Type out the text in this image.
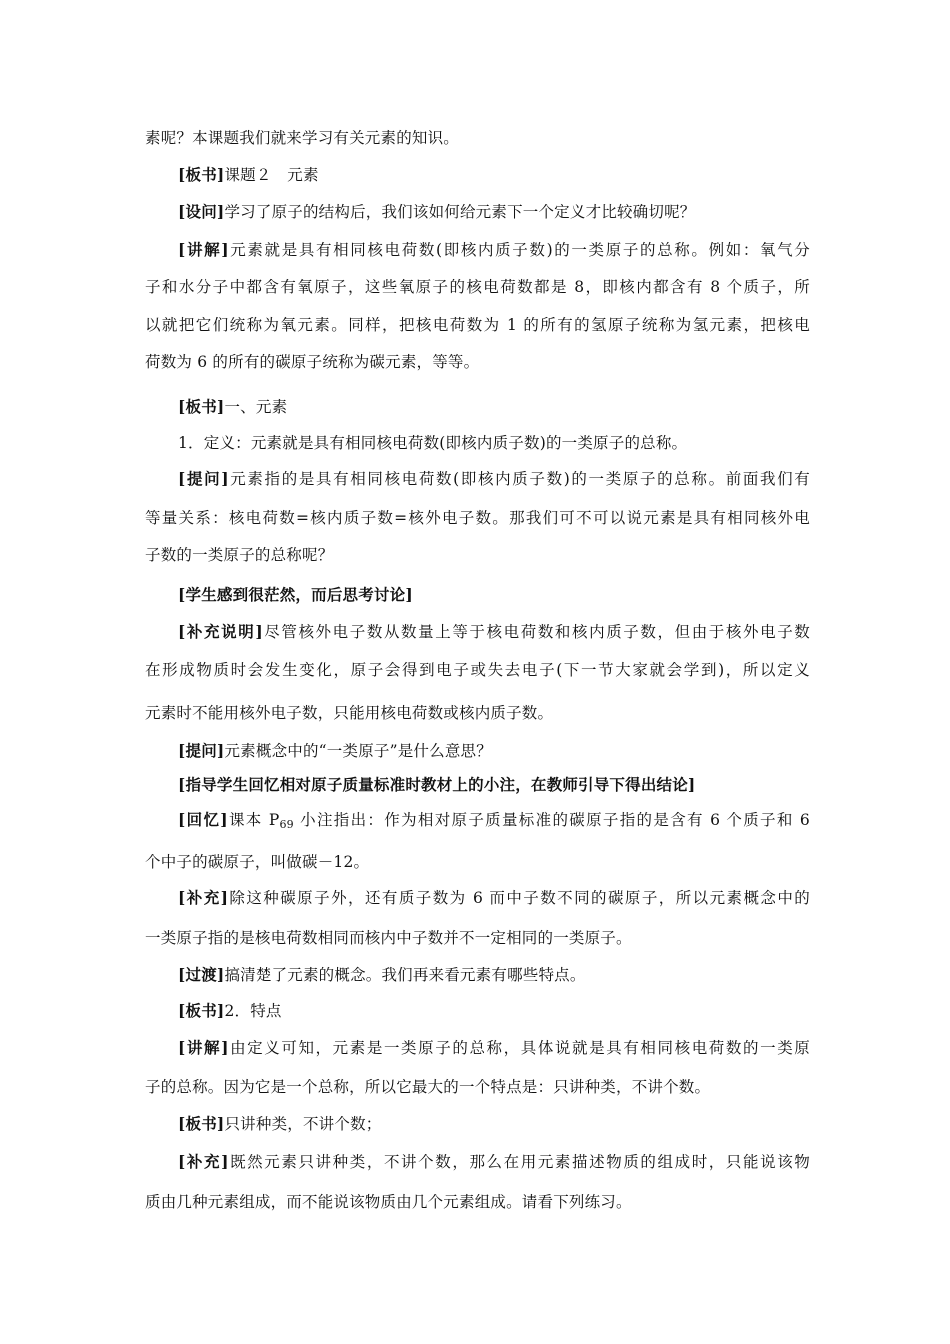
素呢？本课题我们就来学习有关元素的知识。
[板书]课题２　元素
[设问]学习了原子的结构后，我们该如何给元素下一个定义才比较确切呢？
[讲解]元素就是具有相同核电荷数(即核内质子数)的一类原子的总称。例如：氧气分
子和水分子中都含有氧原子，这些氧原子的核电荷数都是 8，即核内都含有 8 个质子，所
以就把它们统称为氧元素。同样，把核电荷数为 1 的所有的氢原子统称为氢元素，把核电
荷数为 6 的所有的碳原子统称为碳元素，等等。
[板书]一、元素
1．定义：元素就是具有相同核电荷数(即核内质子数)的一类原子的总称。
[提问]元素指的是具有相同核电荷数(即核内质子数)的一类原子的总称。前面我们有
等量关系：核电荷数=核内质子数=核外电子数。那我们可不可以说元素是具有相同核外电
子数的一类原子的总称呢？
[学生感到很茫然，而后思考讨论]
[补充说明]尽管核外电子数从数量上等于核电荷数和核内质子数，但由于核外电子数
在形成物质时会发生变化，原子会得到电子或失去电子(下一节大家就会学到)，所以定义
元素时不能用核外电子数，只能用核电荷数或核内质子数。
[提问]元素概念中的“一类原子”是什么意思？
[指导学生回忆相对原子质量标准时教材上的小注，在教师引导下得出结论]
[回忆]课本 $P_{69}$ 小注指出：作为相对原子质量标准的碳原子指的是含有 6 个质子和 6
个中子的碳原子，叫做碳－12。
[补充]除这种碳原子外，还有质子数为 6 而中子数不同的碳原子，所以元素概念中的
一类原子指的是核电荷数相同而核内中子数并不一定相同的一类原子。
[过渡]搞清楚了元素的概念。我们再来看元素有哪些特点。
[板书]2．特点
[讲解]由定义可知，元素是一类原子的总称，具体说就是具有相同核电荷数的一类原
子的总称。因为它是一个总称，所以它最大的一个特点是：只讲种类，不讲个数。
[板书]只讲种类，不讲个数；
[补充]既然元素只讲种类，不讲个数，那么在用元素描述物质的组成时，只能说该物
质由几种元素组成，而不能说该物质由几个元素组成。请看下列练习。
